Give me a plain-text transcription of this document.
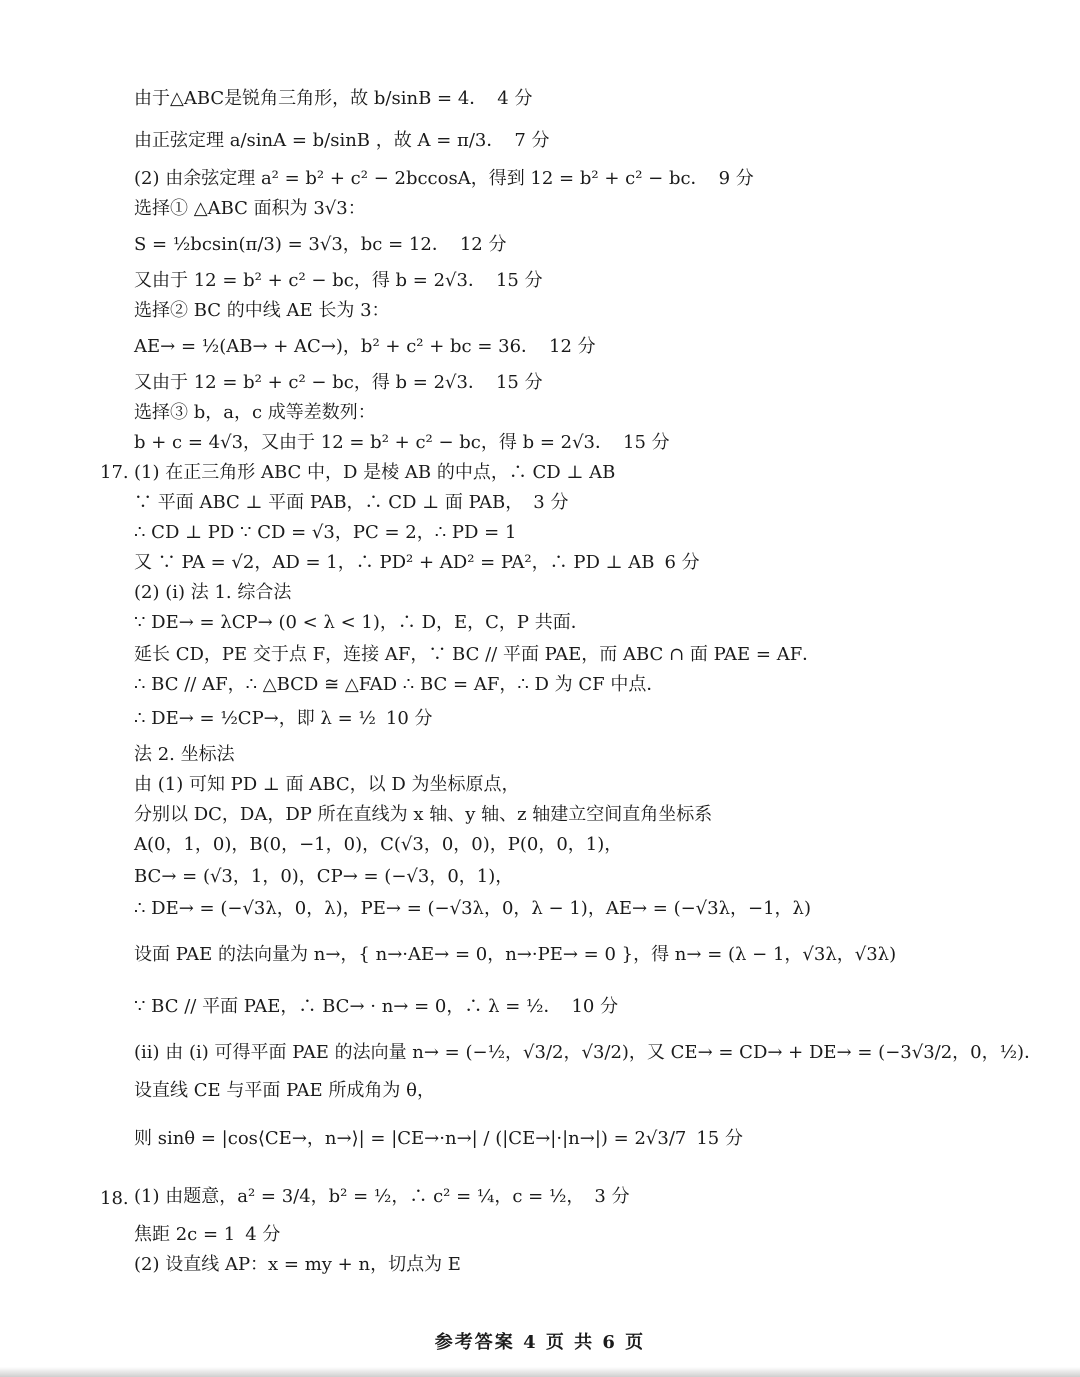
17.
18.
由于△ABC是锐角三角形，故 b/sinB = 4． 4 分
由正弦定理 a/sinA = b/sinB ，故 A = π/3． 7 分
(2) 由余弦定理 a² = b² + c² − 2bccosA，得到 12 = b² + c² − bc． 9 分
选择① △ABC 面积为 3√3：
S = ½bcsin(π/3) = 3√3，bc = 12． 12 分
又由于 12 = b² + c² − bc，得 b = 2√3． 15 分
选择② BC 的中线 AE 长为 3：
AE→ = ½(AB→ + AC→)，b² + c² + bc = 36． 12 分
又由于 12 = b² + c² − bc，得 b = 2√3． 15 分
选择③ b，a，c 成等差数列：
b + c = 4√3，又由于 12 = b² + c² − bc，得 b = 2√3． 15 分
(1) 在正三角形 ABC 中，D 是棱 AB 的中点，∴ CD ⊥ AB
∵ 平面 ABC ⊥ 平面 PAB，∴ CD ⊥ 面 PAB， 3 分
∴ CD ⊥ PD ∵ CD = √3，PC = 2，∴ PD = 1
又 ∵ PA = √2，AD = 1，∴ PD² + AD² = PA²，∴ PD ⊥ AB 6 分
(2) (i) 法 1. 综合法
∵ DE→ = λCP→ (0 < λ < 1)，∴ D，E，C，P 共面．
延长 CD，PE 交于点 F，连接 AF，∵ BC // 平面 PAE，而 ABC ∩ 面 PAE = AF．
∴ BC // AF，∴ △BCD ≅ △FAD ∴ BC = AF，∴ D 为 CF 中点．
∴ DE→ = ½CP→，即 λ = ½ 10 分
法 2. 坐标法
由 (1) 可知 PD ⊥ 面 ABC，以 D 为坐标原点，
分别以 DC，DA，DP 所在直线为 x 轴、y 轴、z 轴建立空间直角坐标系
A(0，1，0)，B(0，−1，0)，C(√3，0，0)，P(0，0，1)，
BC→ = (√3，1，0)，CP→ = (−√3，0，1)，
∴ DE→ = (−√3λ，0，λ)，PE→ = (−√3λ，0，λ − 1)，AE→ = (−√3λ，−1，λ)
设面 PAE 的法向量为 n→，{ n→·AE→ = 0，n→·PE→ = 0 }，得 n→ = (λ − 1，√3λ，√3λ)
∵ BC // 平面 PAE，∴ BC→ · n→ = 0，∴ λ = ½． 10 分
(ii) 由 (i) 可得平面 PAE 的法向量 n→ = (−½，√3/2，√3/2)，又 CE→ = CD→ + DE→ = (−3√3/2，0，½)．
设直线 CE 与平面 PAE 所成角为 θ，
则 sinθ = |cos⟨CE→，n→⟩| = |CE→·n→| / (|CE→|·|n→|) = 2√3/7 15 分
(1) 由题意，a² = 3/4，b² = ½，∴ c² = ¼，c = ½， 3 分
焦距 2c = 1 4 分
(2) 设直线 AP：x = my + n，切点为 E
参考答案 4 页 共 6 页
